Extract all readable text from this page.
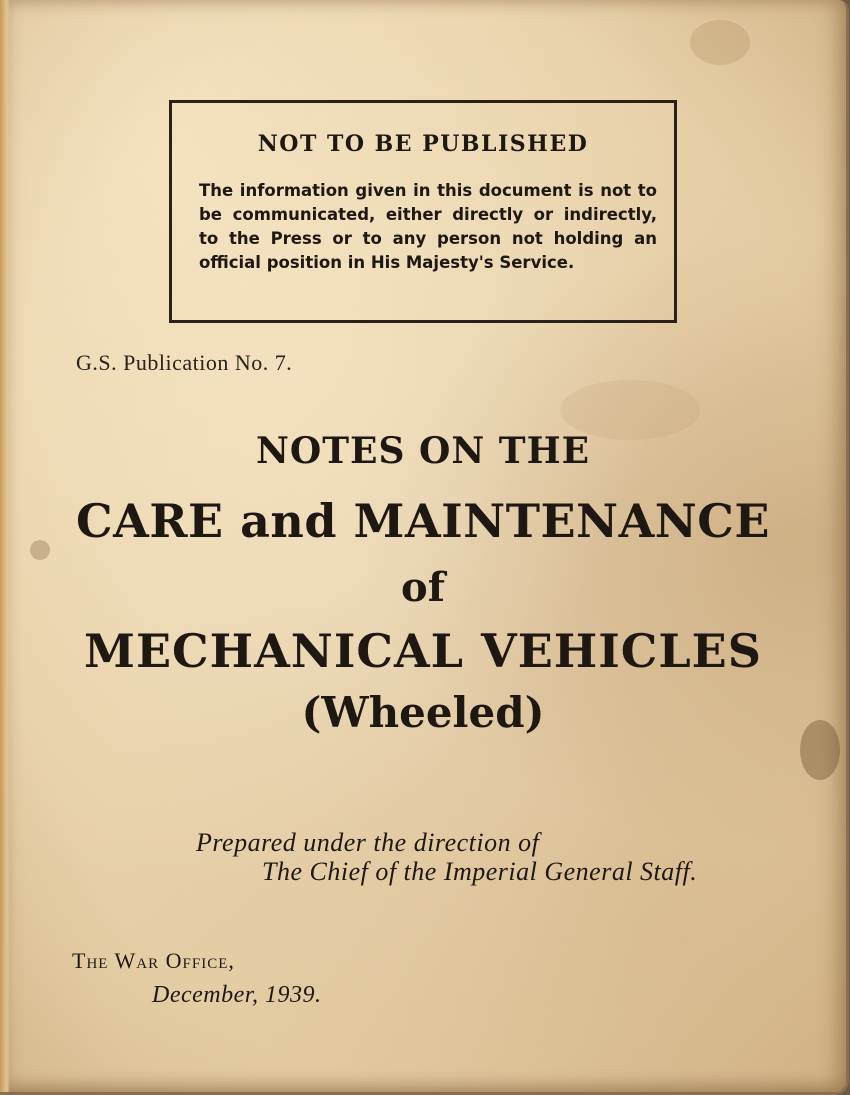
NOT TO BE PUBLISHED
The information given in this document is not to be communicated, either directly or indirectly, to the Press or to any person not holding an official position in His Majesty's Service.
G.S. Publication No. 7.
NOTES ON THE
CARE and MAINTENANCE
of
MECHANICAL VEHICLES
(Wheeled)
Prepared under the direction of
The Chief of the Imperial General Staff.
The War Office,
December, 1939.
